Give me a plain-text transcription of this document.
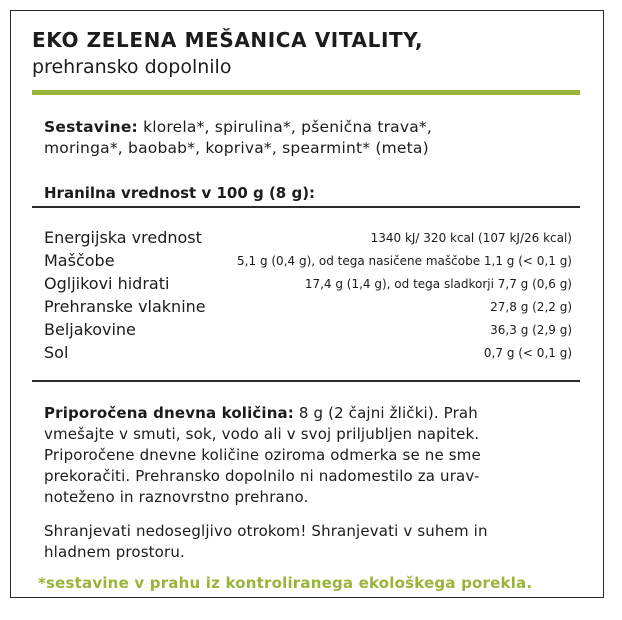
EKO ZELENA MEŠANICA VITALITY,
prehransko dopolnilo
Sestavine: klorela*, spirulina*, pšenična trava*,
moringa*, baobab*, kopriva*, spearmint* (meta)
Hranilna vrednost v 100 g (8 g):
Energijska vrednost	1340 kJ/ 320 kcal (107 kJ/26 kcal)
Maščobe	5,1 g (0,4 g), od tega nasičene maščobe 1,1 g (< 0,1 g)
Ogljikovi hidrati	17,4 g (1,4 g), od tega sladkorji 7,7 g (0,6 g)
Prehranske vlaknine	27,8 g (2,2 g)
Beljakovine	36,3 g (2,9 g)
Sol	0,7 g (< 0,1 g)
Priporočena dnevna količina: 8 g (2 čajni žlički). Prah
vmešajte v smuti, sok, vodo ali v svoj priljubljen napitek.
Priporočene dnevne količine oziroma odmerka se ne sme
prekoračiti. Prehransko dopolnilo ni nadomestilo za urav-
noteženo in raznovrstno prehrano.
Shranjevati nedosegljivo otrokom! Shranjevati v suhem in
hladnem prostoru.
*sestavine v prahu iz kontroliranega ekološkega porekla.
